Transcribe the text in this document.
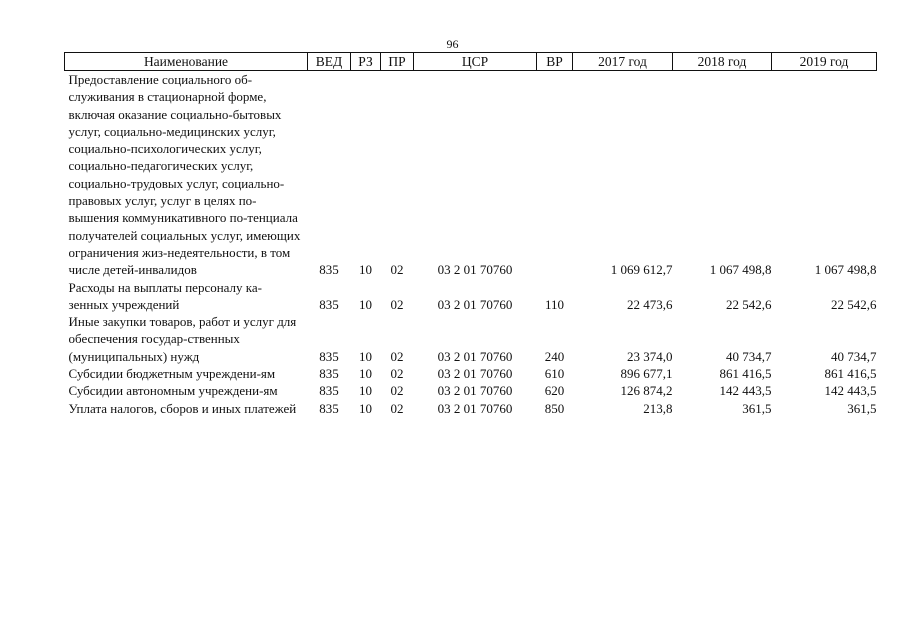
96
Наименование	ВЕД	РЗ	ПР	ЦСР	ВР	2017 год	2018 год	2019 год
Предоставление социального об-служивания в стационарной форме, включая оказание социально-бытовых услуг, социально-медицинских услуг, социально-психологических услуг, социально-педагогических услуг, социально-трудовых услуг, социально-правовых услуг, услуг в целях по-вышения коммуникативного по-тенциала получателей социальных услуг, имеющих ограничения жиз-недеятельности, в том числе детей-инвалидов	835	10	02	03 2 01 70760		1 069 612,7	1 067 498,8	1 067 498,8
Расходы на выплаты персоналу ка-зенных учреждений	835	10	02	03 2 01 70760	110	22 473,6	22 542,6	22 542,6
Иные закупки товаров, работ и услуг для обеспечения государ-ственных (муниципальных) нужд	835	10	02	03 2 01 70760	240	23 374,0	40 734,7	40 734,7
Субсидии бюджетным учреждени-ям	835	10	02	03 2 01 70760	610	896 677,1	861 416,5	861 416,5
Субсидии автономным учреждени-ям	835	10	02	03 2 01 70760	620	126 874,2	142 443,5	142 443,5
Уплата налогов, сборов и иных платежей	835	10	02	03 2 01 70760	850	213,8	361,5	361,5
